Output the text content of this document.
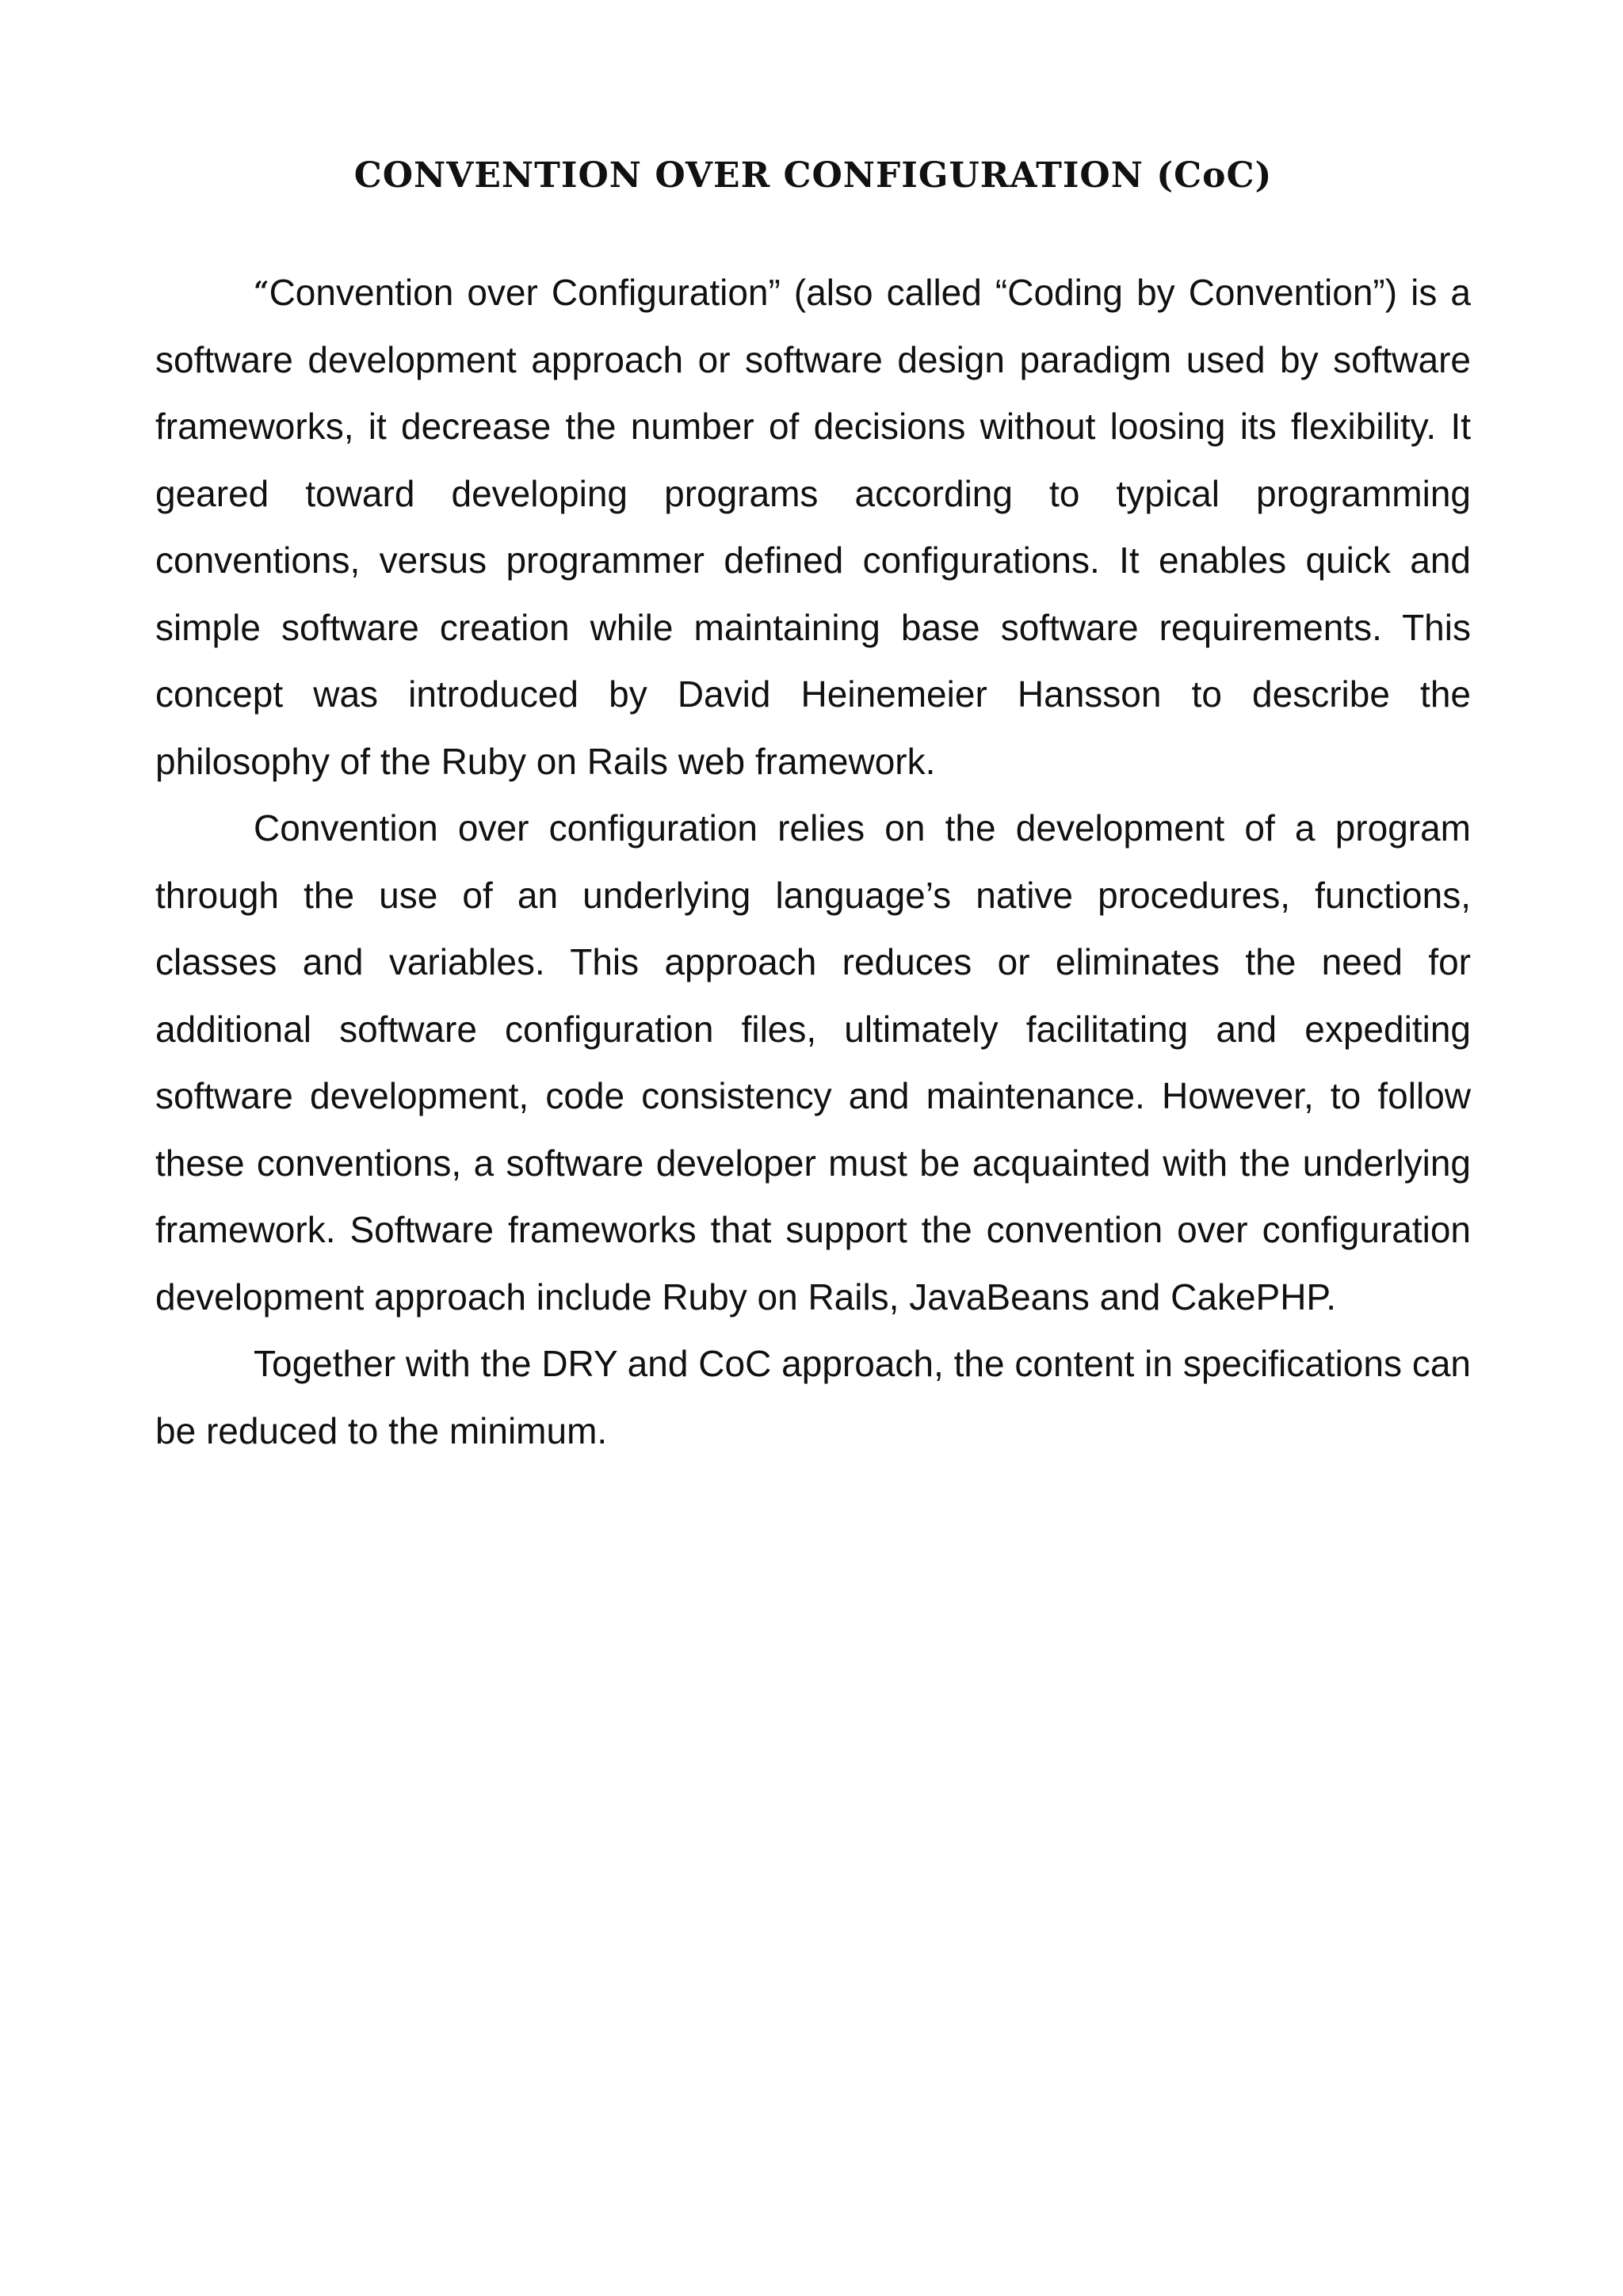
CONVENTION OVER CONFIGURATION (CoC)

“Convention over Configuration” (also called “Coding by Convention”) is a software development approach or software design paradigm used by software frameworks, it decrease the number of decisions without loosing its flexibility. It geared toward developing programs according to typical programming conventions, versus programmer defined configurations. It enables quick and simple software creation while maintaining base software requirements. This concept was introduced by David Heinemeier Hansson to describe the philosophy of the Ruby on Rails web framework.

Convention over configuration relies on the development of a program through the use of an underlying language’s native procedures, functions, classes and variables. This approach reduces or eliminates the need for additional software configuration files, ultimately facilitating and expediting software development, code consistency and maintenance. However, to follow these conventions, a software developer must be acquainted with the underlying framework. Software frameworks that support the convention over configuration development approach include Ruby on Rails, JavaBeans and CakePHP.

Together with the DRY and CoC approach, the content in specifications can be reduced to the minimum.
